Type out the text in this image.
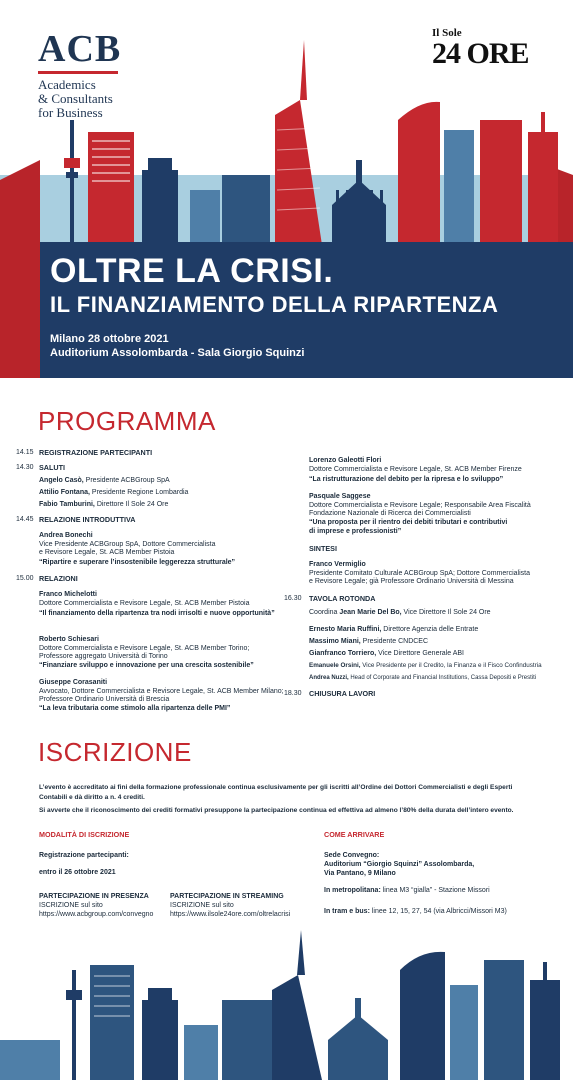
ACB
Academics
& Consultants
for Business
Il Sole
24 ORE
OLTRE LA CRISI.
IL FINANZIAMENTO DELLA RIPARTENZA
Milano 28 ottobre 2021
Auditorium Assolombarda - Sala Giorgio Squinzi
PROGRAMMA
14.15 REGISTRAZIONE PARTECIPANTI
14.30 SALUTI
Angelo Casò, Presidente ACBGroup SpA
Attilio Fontana, Presidente Regione Lombardia
Fabio Tamburini, Direttore Il Sole 24 Ore
14.45 RELAZIONE INTRODUTTIVA
Andrea Bonechi
Vice Presidente ACBGroup SpA, Dottore Commercialista
e Revisore Legale, St. ACB Member Pistoia
“Ripartire e superare l’insostenibile leggerezza strutturale”
15.00 RELAZIONI
Franco Michelotti
Dottore Commercialista e Revisore Legale, St. ACB Member Pistoia
“Il finanziamento della ripartenza tra nodi irrisolti e nuove opportunità”
Roberto Schiesari
Dottore Commercialista e Revisore Legale, St. ACB Member Torino;
Professore aggregato Università di Torino
“Finanziare sviluppo e innovazione per una crescita sostenibile”
Giuseppe Corasaniti
Avvocato, Dottore Commercialista e Revisore Legale, St. ACB Member Milano;
Professore Ordinario Università di Brescia
“La leva tributaria come stimolo alla ripartenza delle PMI”
Lorenzo Galeotti Flori
Dottore Commercialista e Revisore Legale, St. ACB Member Firenze
“La ristrutturazione del debito per la ripresa e lo sviluppo”
Pasquale Saggese
Dottore Commercialista e Revisore Legale; Responsabile Area Fiscalità
Fondazione Nazionale di Ricerca dei Commercialisti
“Una proposta per il rientro dei debiti tributari e contributivi
di imprese e professionisti”
SINTESI
Franco Vermiglio
Presidente Comitato Culturale ACBGroup SpA; Dottore Commercialista
e Revisore Legale; già Professore Ordinario Università di Messina
16.30 TAVOLA ROTONDA
Coordina Jean Marie Del Bo, Vice Direttore Il Sole 24 Ore
Ernesto Maria Ruffini, Direttore Agenzia delle Entrate
Massimo Miani, Presidente CNDCEC
Gianfranco Torriero, Vice Direttore Generale ABI
Emanuele Orsini, Vice Presidente per il Credito, la Finanza e il Fisco Confindustria
Andrea Nuzzi, Head of Corporate and Financial Institutions, Cassa Depositi e Prestiti
18.30 CHIUSURA LAVORI
ISCRIZIONE
L’evento è accreditato ai fini della formazione professionale continua esclusivamente per gli iscritti all’Ordine dei Dottori Commercialisti e degli Esperti
Contabili e dà diritto a n. 4 crediti.
Si avverte che il riconoscimento dei crediti formativi presuppone la partecipazione continua ed effettiva ad almeno l’80% della durata dell’intero evento.
MODALITÀ DI ISCRIZIONE
Registrazione partecipanti:
entro il 26 ottobre 2021
PARTECIPAZIONE IN PRESENZA
ISCRIZIONE sul sito
https://www.acbgroup.com/convegno
PARTECIPAZIONE IN STREAMING
ISCRIZIONE sul sito
https://www.ilsole24ore.com/oltrelacrisi
COME ARRIVARE
Sede Convegno:
Auditorium “Giorgio Squinzi” Assolombarda,
Via Pantano, 9 Milano
In metropolitana: linea M3 “gialla” - Stazione Missori
In tram e bus: linee 12, 15, 27, 54 (via Albricci/Missori M3)
